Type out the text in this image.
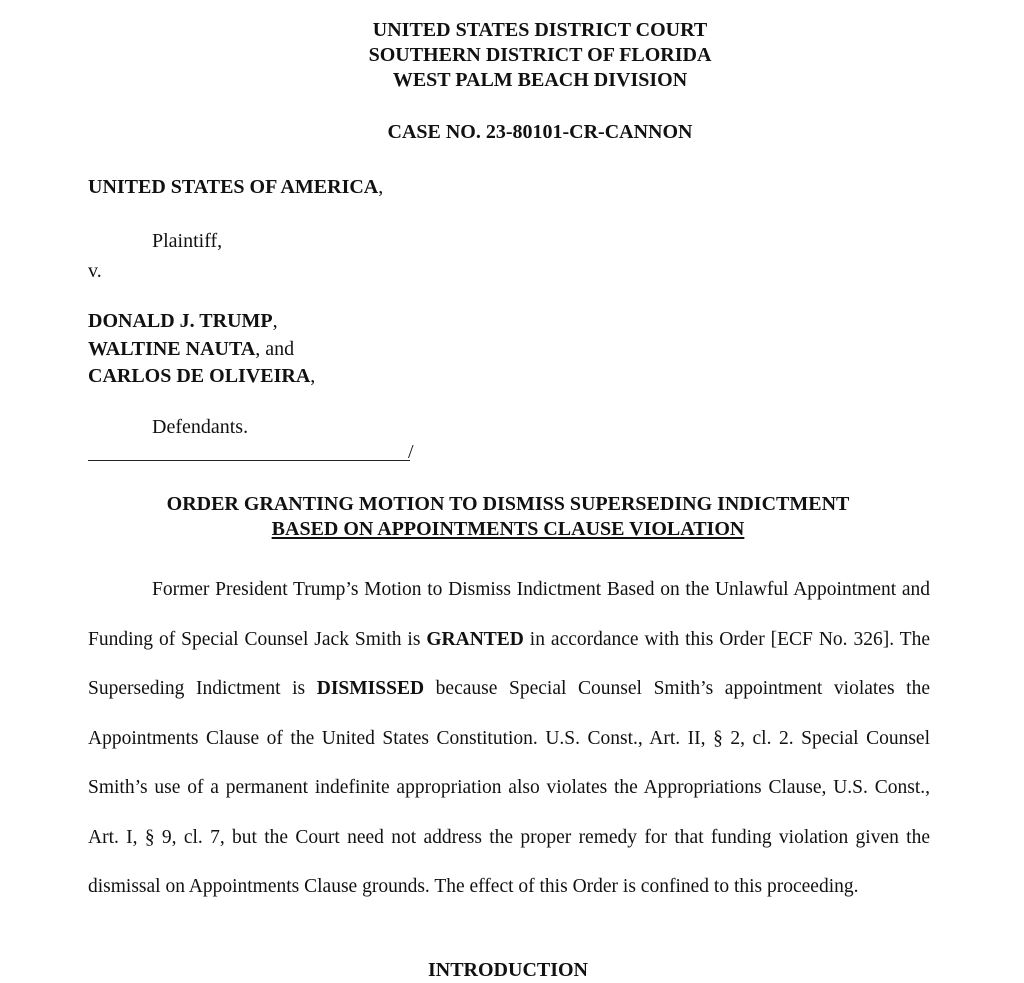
UNITED STATES DISTRICT COURT
SOUTHERN DISTRICT OF FLORIDA
WEST PALM BEACH DIVISION
CASE NO. 23-80101-CR-CANNON
UNITED STATES OF AMERICA,
Plaintiff,
v.
DONALD J. TRUMP,
WALTINE NAUTA, and
CARLOS DE OLIVEIRA,
Defendants.
/
ORDER GRANTING MOTION TO DISMISS SUPERSEDING INDICTMENT
BASED ON APPOINTMENTS CLAUSE VIOLATION

Former President Trump’s Motion to Dismiss Indictment Based on the Unlawful Appointment and Funding of Special Counsel Jack Smith is GRANTED in accordance with this Order [ECF No. 326]. The Superseding Indictment is DISMISSED because Special Counsel Smith’s appointment violates the Appointments Clause of the United States Constitution. U.S. Const., Art. II, § 2, cl. 2. Special Counsel Smith’s use of a permanent indefinite appropriation also violates the Appropriations Clause, U.S. Const., Art. I, § 9, cl. 7, but the Court need not address the proper remedy for that funding violation given the dismissal on Appointments Clause grounds. The effect of this Order is confined to this proceeding.

INTRODUCTION
